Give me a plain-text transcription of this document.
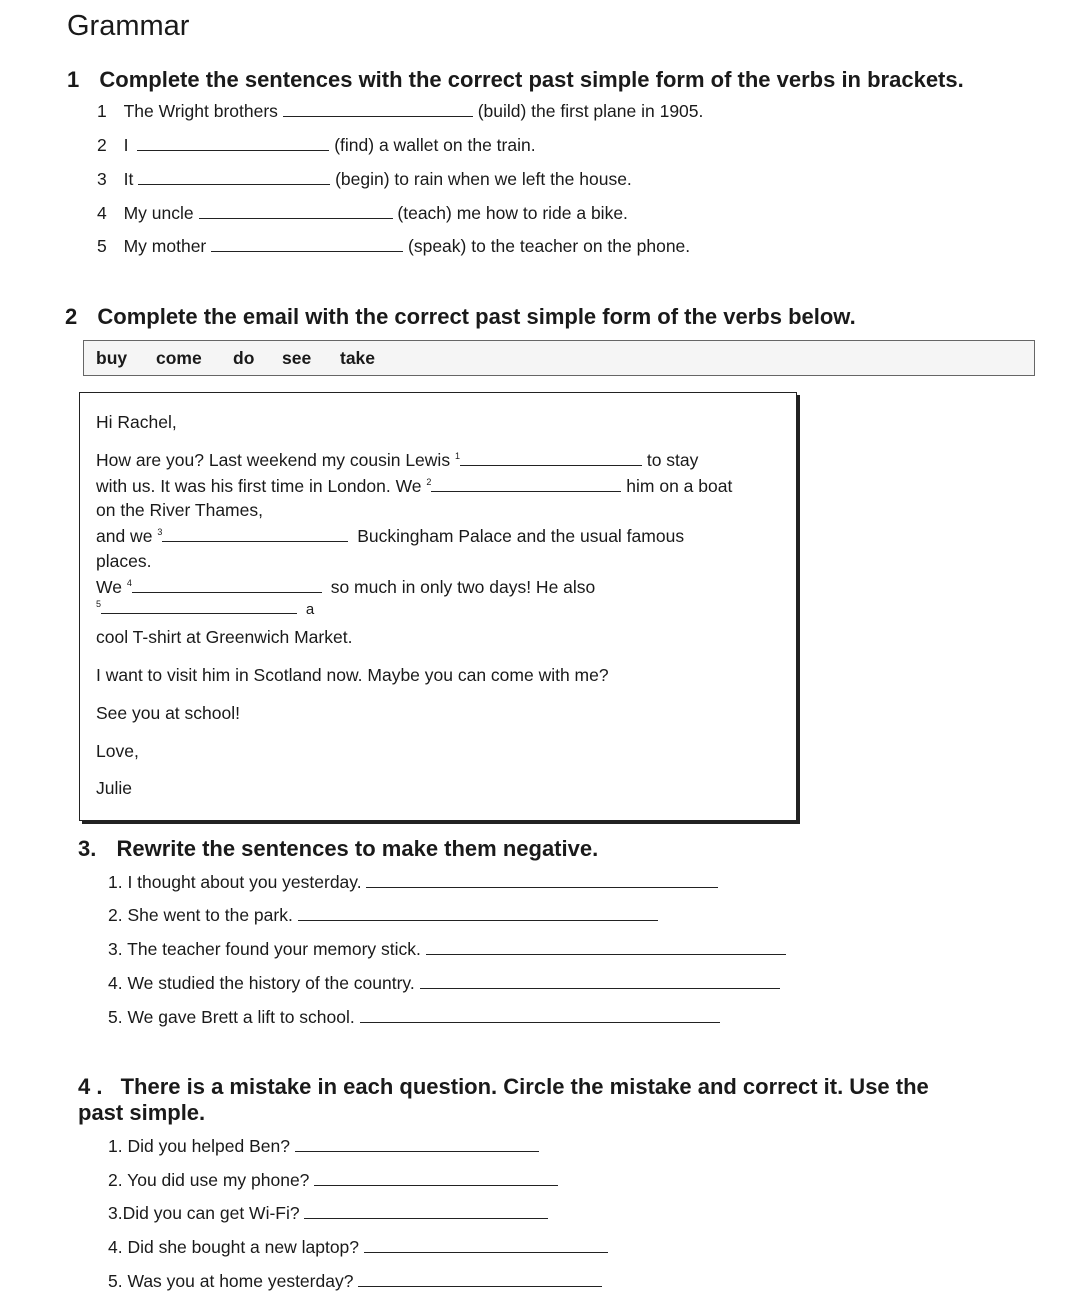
Grammar
1 Complete the sentences with the correct past simple form of the verbs in brackets.
1 The Wright brothers	(build) the first plane in 1905.
2 I	(find) a wallet on the train.
3 It	(begin) to rain when we left the house.
4 My uncle	(teach) me how to ride a bike.
5 My mother	(speak) to the teacher on the phone.
2 Complete the email with the correct past simple form of the verbs below.
buy come do see take
Hi Rachel,
How are you? Last weekend my cousin Lewis $^1$	to stay
with us. It was his first time in London. We $^2$	him on a boat
on the River Thames,
and we $^3$	Buckingham Palace and the usual famous
places.
We $^4$	so much in only two days! He also
$^5$	a
cool T-shirt at Greenwich Market.
I want to visit him in Scotland now. Maybe you can come with me?
See you at school!
Love,
Julie
3. Rewrite the sentences to make them negative.
1. I thought about you yesterday.
2. She went to the park.
3. The teacher found your memory stick.
4. We studied the history of the country.
5. We gave Brett a lift to school.
4 . There is a mistake in each question. Circle the mistake and correct it. Use the
past simple.
1. Did you helped Ben?
2. You did use my phone?
3.Did you can get Wi-Fi?
4. Did she bought a new laptop?
5. Was you at home yesterday?
